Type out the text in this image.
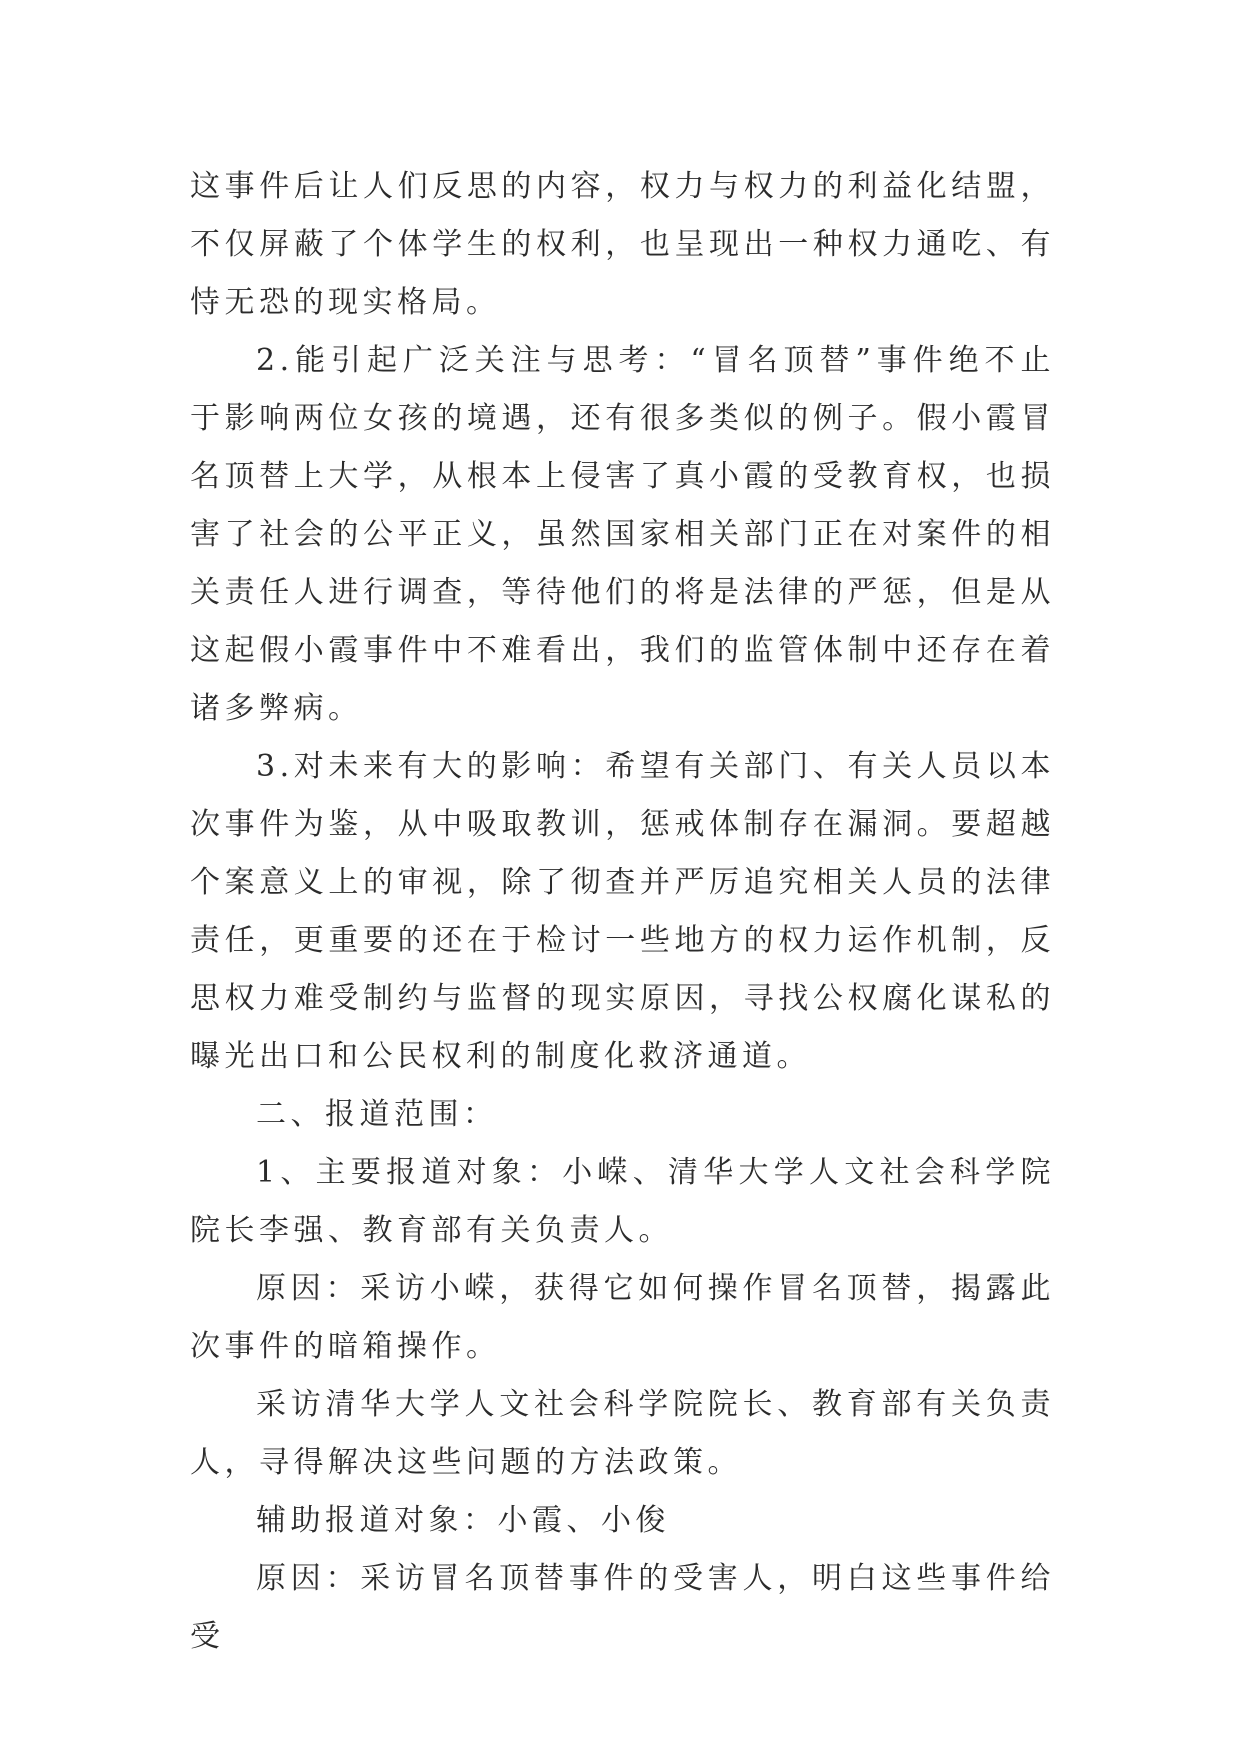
这事件后让人们反思的内容，权力与权力的利益化结盟，不仅屏蔽了个体学生的权利，也呈现出一种权力通吃、有恃无恐的现实格局。

2.能引起广泛关注与思考：“冒名顶替”事件绝不止于影响两位女孩的境遇，还有很多类似的例子。假小霞冒名顶替上大学，从根本上侵害了真小霞的受教育权，也损害了社会的公平正义，虽然国家相关部门正在对案件的相关责任人进行调查，等待他们的将是法律的严惩，但是从这起假小霞事件中不难看出，我们的监管体制中还存在着诸多弊病。

3.对未来有大的影响：希望有关部门、有关人员以本次事件为鉴，从中吸取教训，惩戒体制存在漏洞。要超越个案意义上的审视，除了彻查并严厉追究相关人员的法律责任，更重要的还在于检讨一些地方的权力运作机制，反思权力难受制约与监督的现实原因，寻找公权腐化谋私的曝光出口和公民权利的制度化救济通道。

二、报道范围：

1、主要报道对象：小嵘、清华大学人文社会科学院院长李强、教育部有关负责人。

原因：采访小嵘，获得它如何操作冒名顶替，揭露此次事件的暗箱操作。

采访清华大学人文社会科学院院长、教育部有关负责人，寻得解决这些问题的方法政策。

辅助报道对象：小霞、小俊

原因：采访冒名顶替事件的受害人，明白这些事件给受
